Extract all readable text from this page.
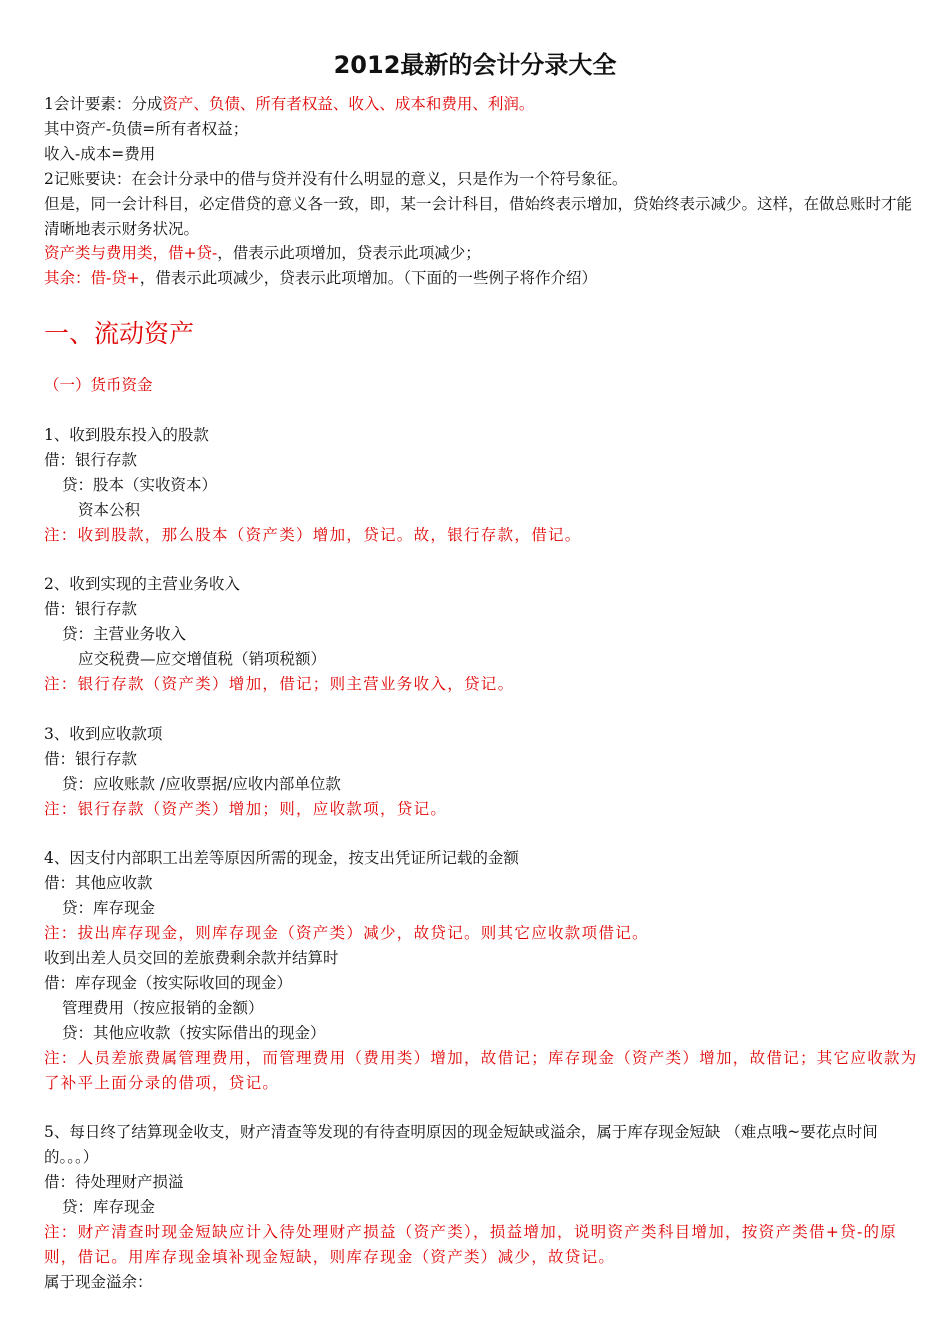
2012最新的会计分录大全

1会计要素：分成资产、负债、所有者权益、收入、成本和费用、利润。

其中资产-负债=所有者权益；

收入-成本=费用

2记账要诀：在会计分录中的借与贷并没有什么明显的意义，只是作为一个符号象征。

但是，同一会计科目，必定借贷的意义各一致，即，某一会计科目，借始终表示增加，贷始终表示减少。这样，在做总账时才能清晰地表示财务状况。

资产类与费用类，借+贷-，借表示此项增加，贷表示此项减少；

其余：借-贷+，借表示此项减少，贷表示此项增加。（下面的一些例子将作介绍）

一、流动资产

（一）货币资金

1、收到股东投入的股款

借：银行存款

贷：股本（实收资本）

资本公积

注：收到股款，那么股本（资产类）增加，贷记。故，银行存款，借记。

2、收到实现的主营业务收入

借：银行存款

贷：主营业务收入

应交税费—应交增值税（销项税额）

注：银行存款（资产类）增加，借记；则主营业务收入，贷记。

3、收到应收款项

借：银行存款

贷：应收账款 /应收票据/应收内部单位款

注：银行存款（资产类）增加；则，应收款项，贷记。

4、因支付内部职工出差等原因所需的现金，按支出凭证所记载的金额

借：其他应收款

贷：库存现金

注：拔出库存现金，则库存现金（资产类）减少，故贷记。则其它应收款项借记。

收到出差人员交回的差旅费剩余款并结算时

借：库存现金（按实际收回的现金）

管理费用（按应报销的金额）

贷：其他应收款（按实际借出的现金）

注：人员差旅费属管理费用，而管理费用（费用类）增加，故借记；库存现金（资产类）增加，故借记；其它应收款为了补平上面分录的借项，贷记。

5、每日终了结算现金收支，财产清查等发现的有待查明原因的现金短缺或溢余，属于库存现金短缺 （难点哦~要花点时间的。。。）

借：待处理财产损溢

贷：库存现金

注：财产清查时现金短缺应计入待处理财产损益（资产类），损益增加，说明资产类科目增加，按资产类借+贷-的原则，借记。用库存现金填补现金短缺，则库存现金（资产类）减少，故贷记。

属于现金溢余：
